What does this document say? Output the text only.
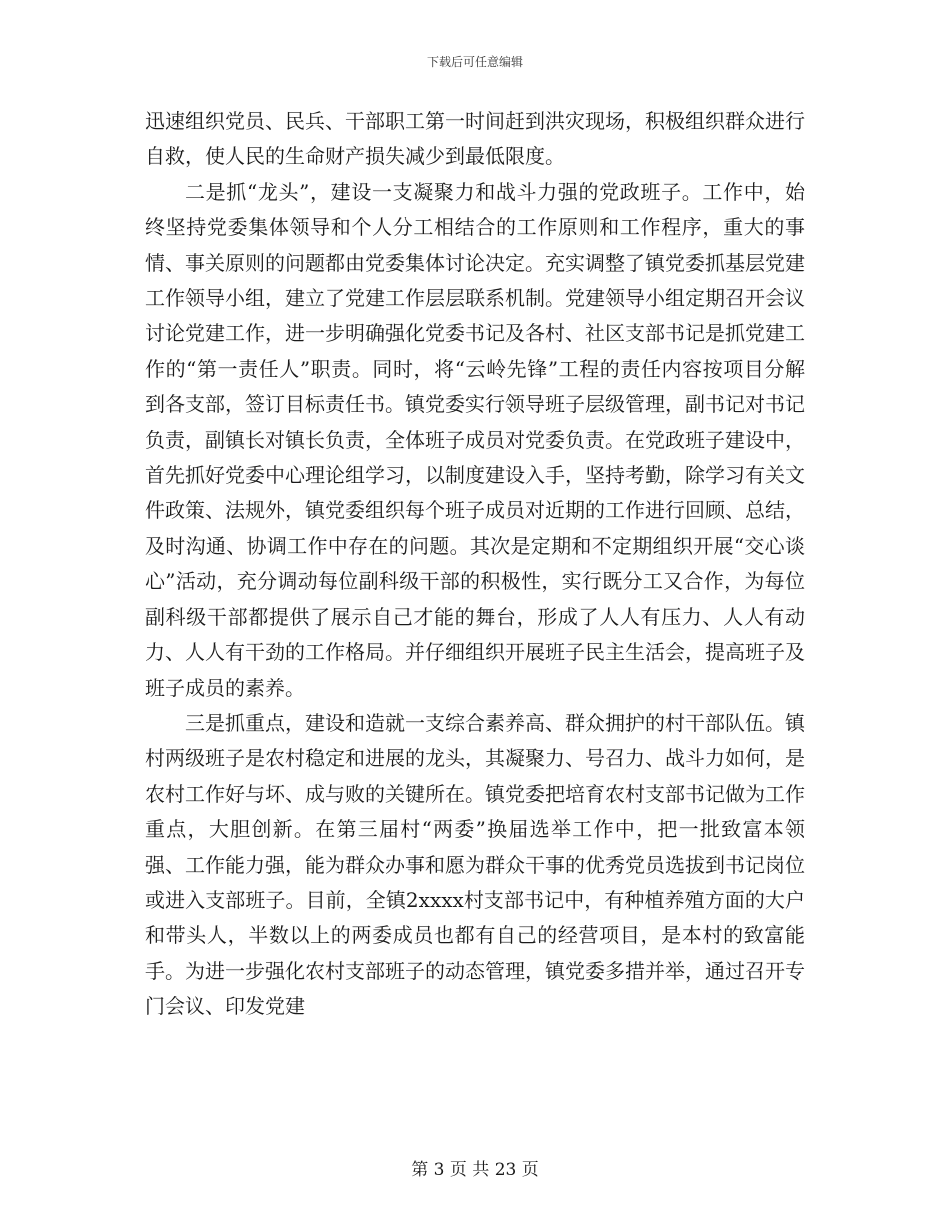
下载后可任意编辑

迅速组织党员、民兵、干部职工第一时间赶到洪灾现场，积极组织群众进行自救，使人民的生命财产损失减少到最低限度。

二是抓“龙头”，建设一支凝聚力和战斗力强的党政班子。工作中，始终坚持党委集体领导和个人分工相结合的工作原则和工作程序，重大的事情、事关原则的问题都由党委集体讨论决定。充实调整了镇党委抓基层党建工作领导小组，建立了党建工作层层联系机制。党建领导小组定期召开会议讨论党建工作，进一步明确强化党委书记及各村、社区支部书记是抓党建工作的“第一责任人”职责。同时，将“云岭先锋”工程的责任内容按项目分解到各支部，签订目标责任书。镇党委实行领导班子层级管理，副书记对书记负责，副镇长对镇长负责，全体班子成员对党委负责。在党政班子建设中，首先抓好党委中心理论组学习，以制度建设入手，坚持考勤，除学习有关文件政策、法规外，镇党委组织每个班子成员对近期的工作进行回顾、总结，及时沟通、协调工作中存在的问题。其次是定期和不定期组织开展“交心谈心”活动，充分调动每位副科级干部的积极性，实行既分工又合作，为每位副科级干部都提供了展示自己才能的舞台，形成了人人有压力、人人有动力、人人有干劲的工作格局。并仔细组织开展班子民主生活会，提高班子及班子成员的素养。

三是抓重点，建设和造就一支综合素养高、群众拥护的村干部队伍。镇村两级班子是农村稳定和进展的龙头，其凝聚力、号召力、战斗力如何，是农村工作好与坏、成与败的关键所在。镇党委把培育农村支部书记做为工作重点，大胆创新。在第三届村“两委”换届选举工作中，把一批致富本领强、工作能力强，能为群众办事和愿为群众干事的优秀党员选拔到书记岗位或进入支部班子。目前，全镇2xxxx村支部书记中，有种植养殖方面的大户和带头人，半数以上的两委成员也都有自己的经营项目，是本村的致富能手。为进一步强化农村支部班子的动态管理，镇党委多措并举，通过召开专门会议、印发党建

第 3 页 共 23 页
